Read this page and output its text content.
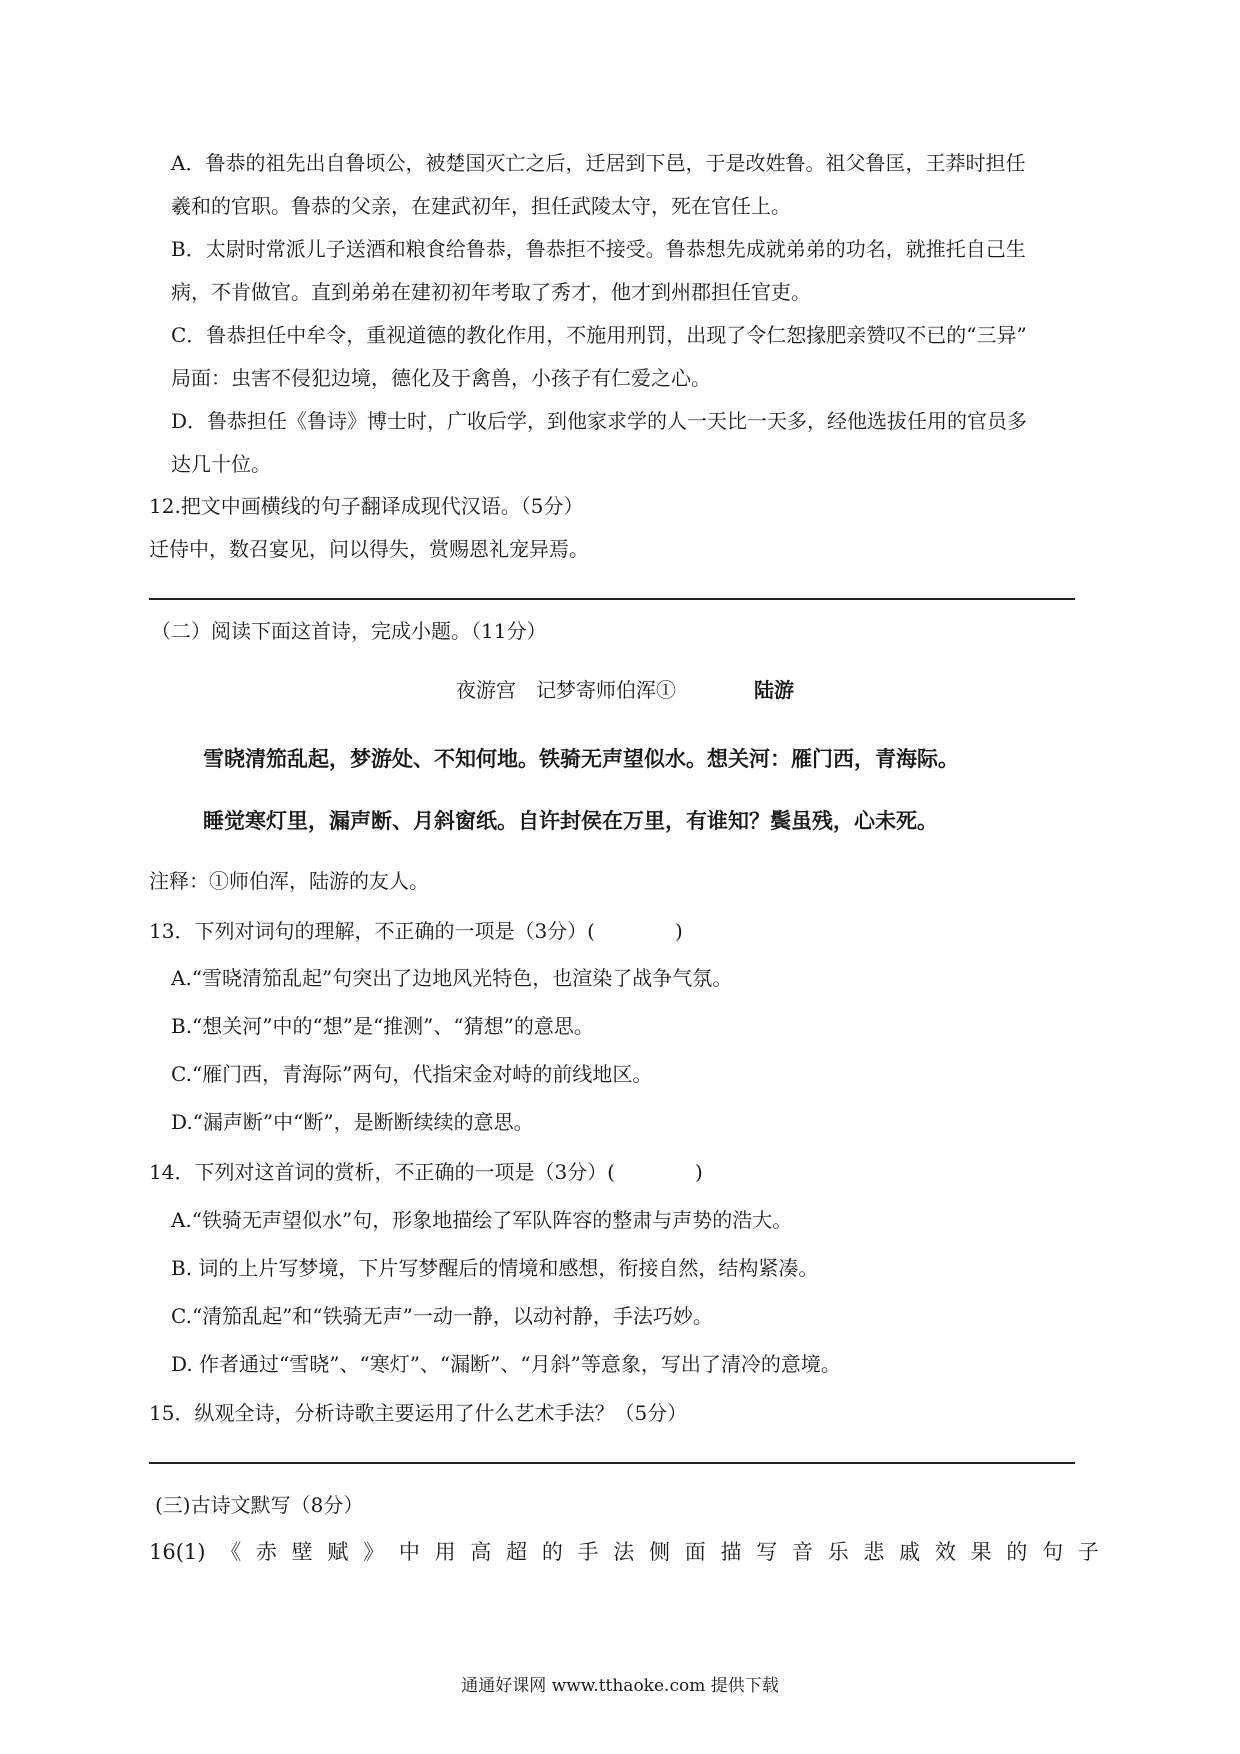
A．鲁恭的祖先出自鲁顷公，被楚国灭亡之后，迁居到下邑，于是改姓鲁。祖父鲁匡，王莽时担任
羲和的官职。鲁恭的父亲，在建武初年，担任武陵太守，死在官任上。
B．太尉时常派儿子送酒和粮食给鲁恭，鲁恭拒不接受。鲁恭想先成就弟弟的功名，就推托自己生
病，不肯做官。直到弟弟在建初初年考取了秀才，他才到州郡担任官吏。
C．鲁恭担任中牟令，重视道德的教化作用，不施用刑罚，出现了令仁恕掾肥亲赞叹不已的“三异”
局面：虫害不侵犯边境，德化及于禽兽，小孩子有仁爱之心。
D．鲁恭担任《鲁诗》博士时，广收后学，到他家求学的人一天比一天多，经他选拔任用的官员多
达几十位。
12.把文中画横线的句子翻译成现代汉语。（5分）
迁侍中，数召宴见，问以得失，赏赐恩礼宠异焉。
（二）阅读下面这首诗，完成小题。（11分）
夜游宫　记梦寄师伯浑①	陆游
雪晓清笳乱起，梦游处、不知何地。铁骑无声望似水。想关河：雁门西，青海际。
睡觉寒灯里，漏声断、月斜窗纸。自许封侯在万里，有谁知？鬓虽残，心未死。
注释：①师伯浑，陆游的友人。
13．下列对词句的理解，不正确的一项是（3分）(　　　　)
A.“雪晓清笳乱起”句突出了边地风光特色，也渲染了战争气氛。
B.“想关河”中的“想”是“推测”、“猜想”的意思。
C.“雁门西，青海际”两句，代指宋金对峙的前线地区。
D.“漏声断”中“断”，是断断续续的意思。
14．下列对这首词的赏析，不正确的一项是（3分）(　　　　)
A.“铁骑无声望似水”句，形象地描绘了军队阵容的整肃与声势的浩大。
B. 词的上片写梦境，下片写梦醒后的情境和感想，衔接自然，结构紧凑。
C.“清笳乱起”和“铁骑无声”一动一静，以动衬静，手法巧妙。
D. 作者通过“雪晓”、“寒灯”、“漏断”、“月斜”等意象，写出了清冷的意境。
15．纵观全诗，分析诗歌主要运用了什么艺术手法？（5分）
(三)古诗文默写（8分）
16(1) 《 赤 壁 赋 》 中 用 高 超 的 手 法 侧 面 描 写 音 乐 悲 戚 效 果 的 句 子
通通好课网 www.tthaoke.com 提供下载
